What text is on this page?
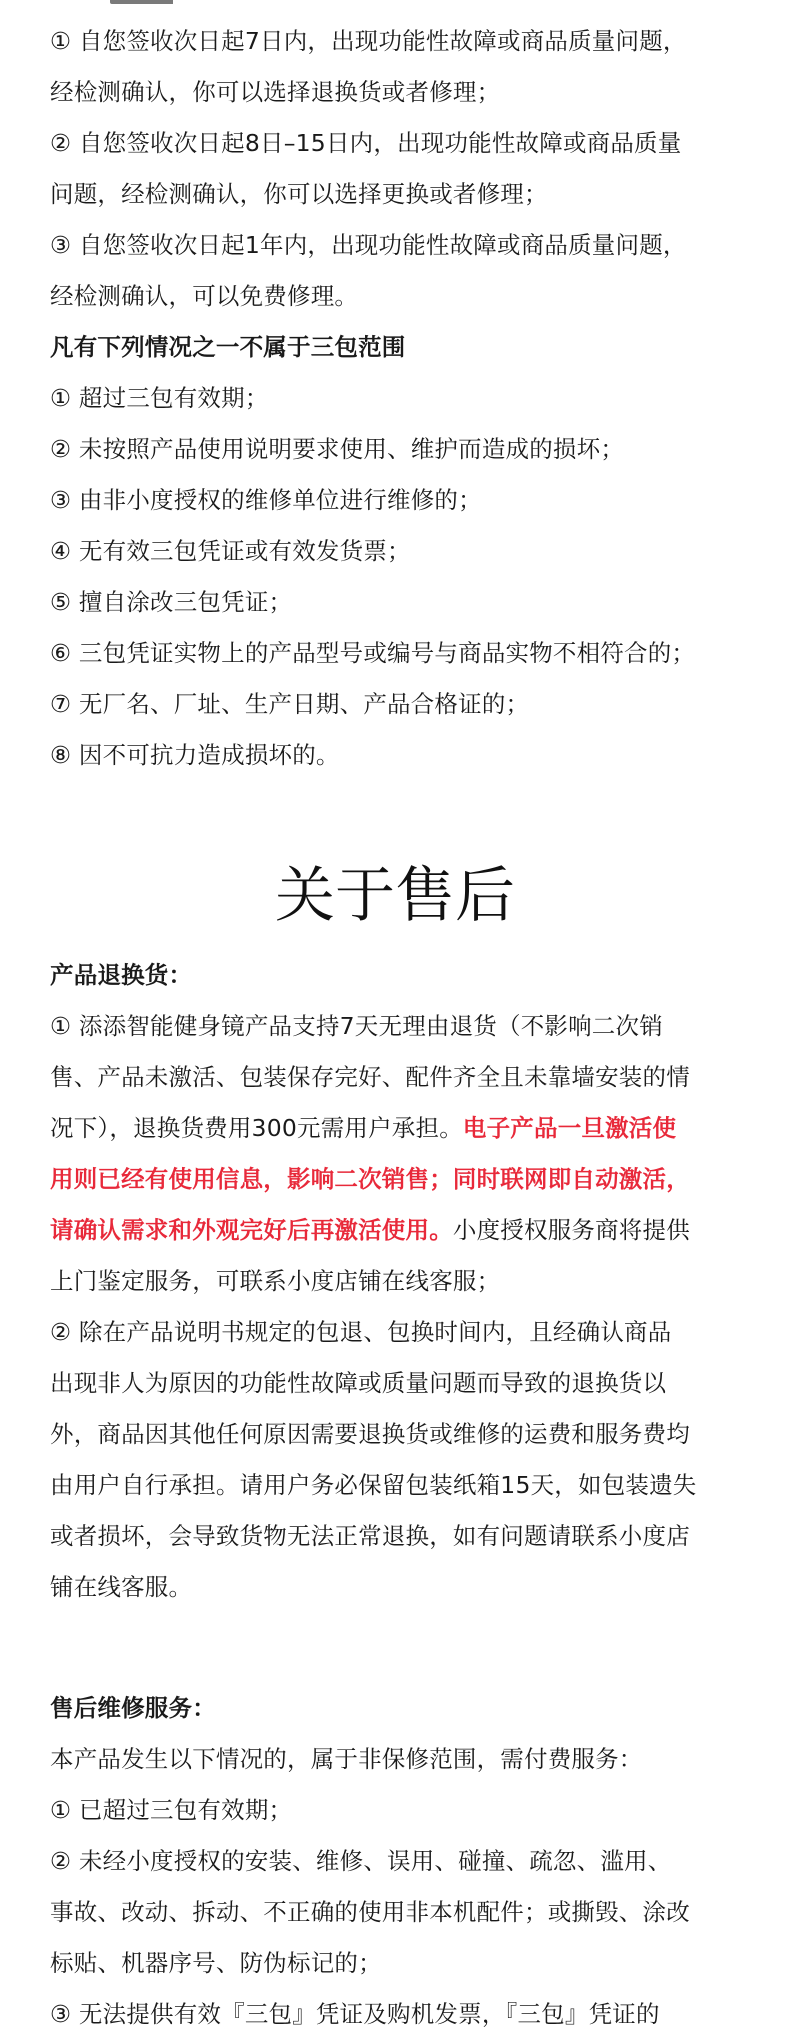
① 自您签收次日起7日内，出现功能性故障或商品质量问题，
经检测确认，你可以选择退换货或者修理；
② 自您签收次日起8日–15日内，出现功能性故障或商品质量
问题，经检测确认，你可以选择更换或者修理；
③ 自您签收次日起1年内，出现功能性故障或商品质量问题，
经检测确认，可以免费修理。
凡有下列情况之一不属于三包范围
① 超过三包有效期；
② 未按照产品使用说明要求使用、维护而造成的损坏；
③ 由非小度授权的维修单位进行维修的；
④ 无有效三包凭证或有效发货票；
⑤ 擅自涂改三包凭证；
⑥ 三包凭证实物上的产品型号或编号与商品实物不相符合的；
⑦ 无厂名、厂址、生产日期、产品合格证的；
⑧ 因不可抗力造成损坏的。
关于售后
产品退换货：
① 添添智能健身镜产品支持7天无理由退货（不影响二次销
售、产品未激活、包装保存完好、配件齐全且未靠墙安装的情
况下），退换货费用300元需用户承担。电子产品一旦激活使
用则已经有使用信息，影响二次销售；同时联网即自动激活，
请确认需求和外观完好后再激活使用。小度授权服务商将提供
上门鉴定服务，可联系小度店铺在线客服；
② 除在产品说明书规定的包退、包换时间内，且经确认商品
出现非人为原因的功能性故障或质量问题而导致的退换货以
外，商品因其他任何原因需要退换货或维修的运费和服务费均
由用户自行承担。请用户务必保留包装纸箱15天，如包装遗失
或者损坏，会导致货物无法正常退换，如有问题请联系小度店
铺在线客服。
售后维修服务：
本产品发生以下情况的，属于非保修范围，需付费服务：
① 已超过三包有效期；
② 未经小度授权的安装、维修、误用、碰撞、疏忽、滥用、
事故、改动、拆动、不正确的使用非本机配件；或撕毁、涂改
标贴、机器序号、防伪标记的；
③ 无法提供有效『三包』凭证及购机发票，『三包』凭证的
